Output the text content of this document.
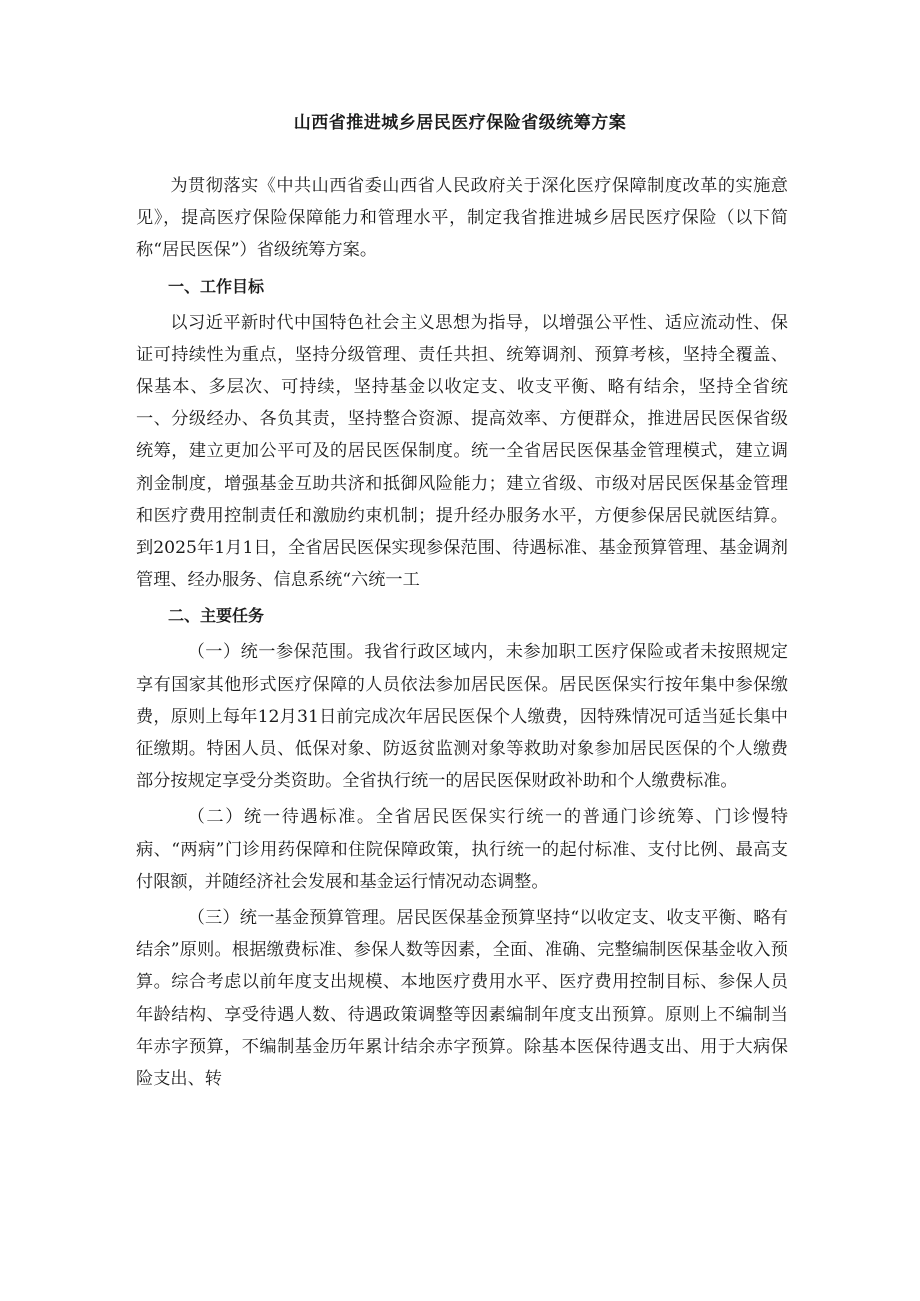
山西省推进城乡居民医疗保险省级统筹方案

为贯彻落实《中共山西省委山西省人民政府关于深化医疗保障制度改革的实施意见》，提高医疗保险保障能力和管理水平，制定我省推进城乡居民医疗保险（以下简称“居民医保”）省级统筹方案。

一、工作目标

以习近平新时代中国特色社会主义思想为指导，以增强公平性、适应流动性、保证可持续性为重点，坚持分级管理、责任共担、统筹调剂、预算考核，坚持全覆盖、保基本、多层次、可持续，坚持基金以收定支、收支平衡、略有结余，坚持全省统一、分级经办、各负其责，坚持整合资源、提高效率、方便群众，推进居民医保省级统筹，建立更加公平可及的居民医保制度。统一全省居民医保基金管理模式，建立调剂金制度，增强基金互助共济和抵御风险能力；建立省级、市级对居民医保基金管理和医疗费用控制责任和激励约束机制；提升经办服务水平，方便参保居民就医结算。到2025年1月1日，全省居民医保实现参保范围、待遇标准、基金预算管理、基金调剂管理、经办服务、信息系统“六统一工

二、主要任务

（一）统一参保范围。我省行政区域内，未参加职工医疗保险或者未按照规定享有国家其他形式医疗保障的人员依法参加居民医保。居民医保实行按年集中参保缴费，原则上每年12月31日前完成次年居民医保个人缴费，因特殊情况可适当延长集中征缴期。特困人员、低保对象、防返贫监测对象等救助对象参加居民医保的个人缴费部分按规定享受分类资助。全省执行统一的居民医保财政补助和个人缴费标准。

（二）统一待遇标准。全省居民医保实行统一的普通门诊统筹、门诊慢特病、“两病”门诊用药保障和住院保障政策，执行统一的起付标准、支付比例、最高支付限额，并随经济社会发展和基金运行情况动态调整。

（三）统一基金预算管理。居民医保基金预算坚持“以收定支、收支平衡、略有结余”原则。根据缴费标准、参保人数等因素，全面、准确、完整编制医保基金收入预算。综合考虑以前年度支出规模、本地医疗费用水平、医疗费用控制目标、参保人员年龄结构、享受待遇人数、待遇政策调整等因素编制年度支出预算。原则上不编制当年赤字预算，不编制基金历年累计结余赤字预算。除基本医保待遇支出、用于大病保险支出、转
